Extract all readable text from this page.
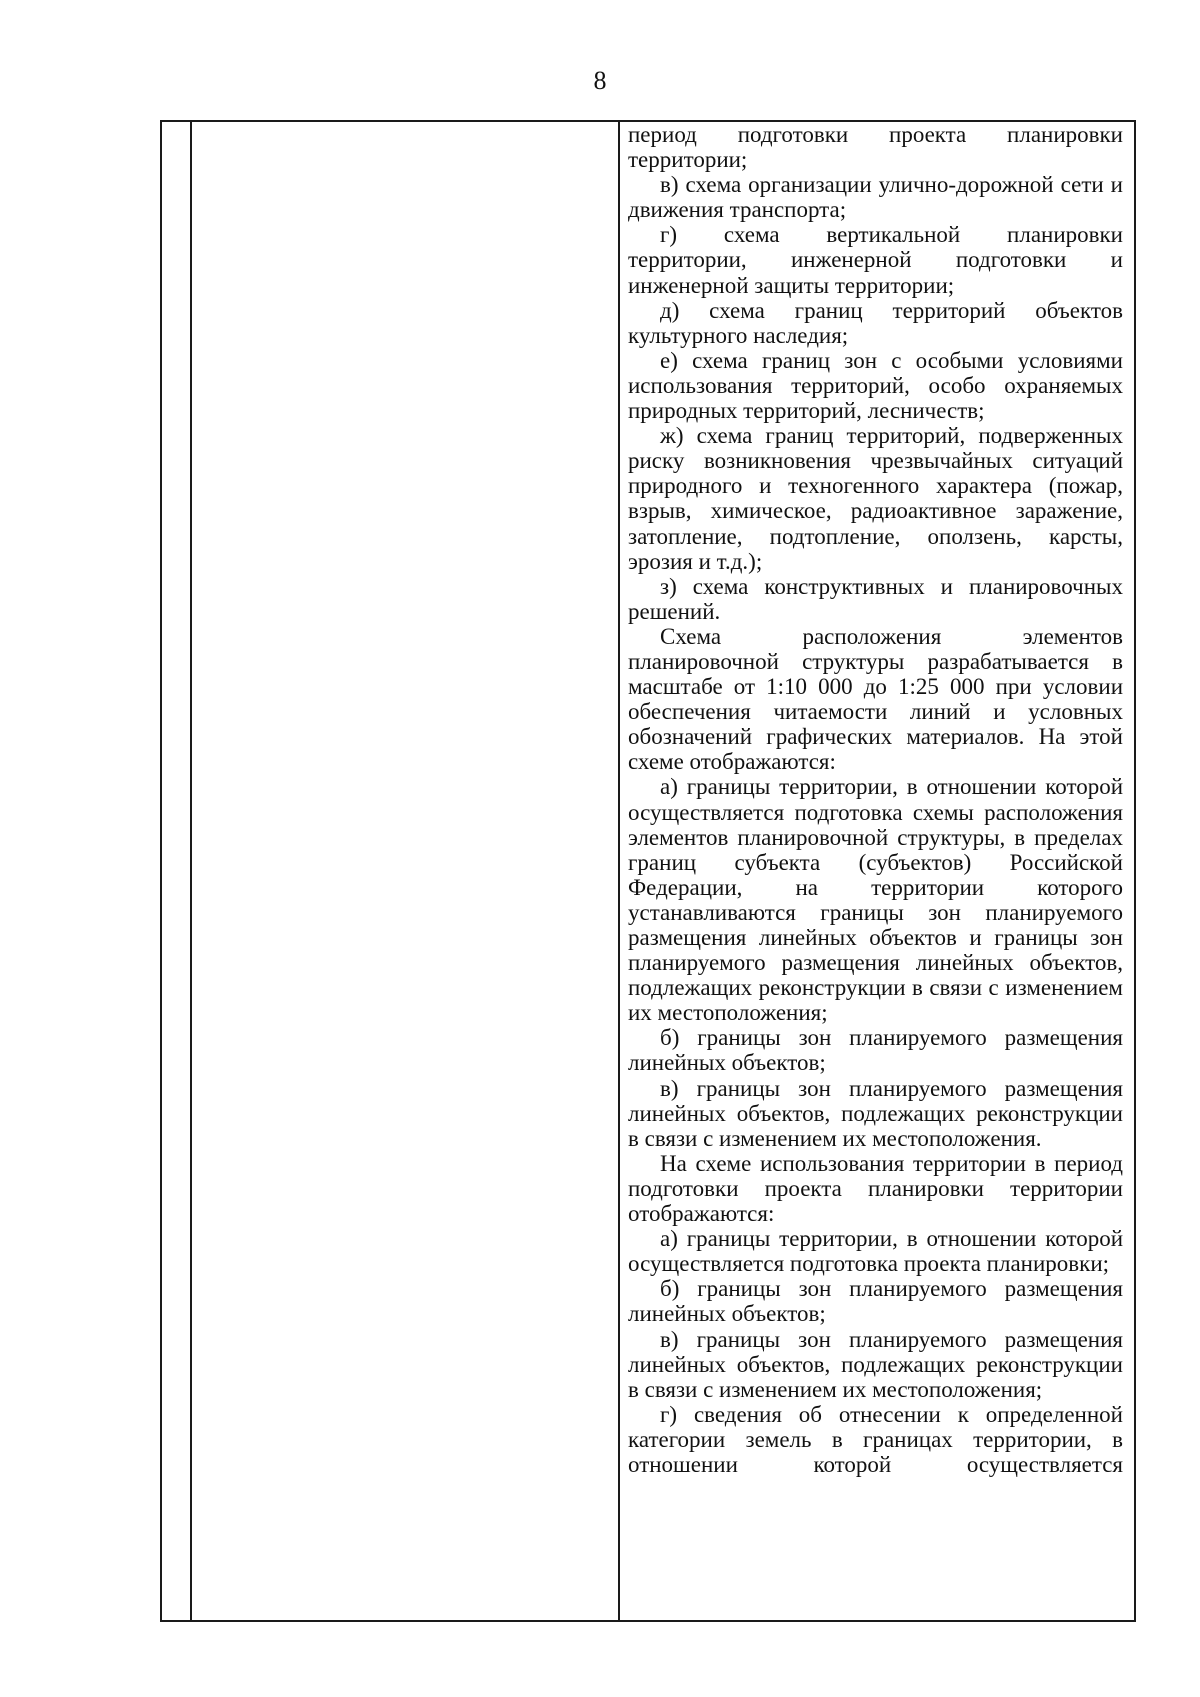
8

период подготовки проекта планировки территории;

в) схема организации улично-дорожной сети и движения транспорта;

г) схема вертикальной планировки территории, инженерной подготовки и инженерной защиты территории;

д) схема границ территорий объектов культурного наследия;

е) схема границ зон с особыми условиями использования территорий, особо охраняемых природных территорий, лесничеств;

ж) схема границ территорий, подверженных риску возникновения чрезвычайных ситуаций природного и техногенного характера (пожар, взрыв, химическое, радиоактивное заражение, затопление, подтопление, оползень, карсты, эрозия и т.д.);

з) схема конструктивных и планировочных решений.

Схема расположения элементов планировочной структуры разрабатывается в масштабе от 1:10 000 до 1:25 000 при условии обеспечения читаемости линий и условных обозначений графических материалов. На этой схеме отображаются:

а) границы территории, в отношении которой осуществляется подготовка схемы расположения элементов планировочной структуры, в пределах границ субъекта (субъектов) Российской Федерации, на территории которого устанавливаются границы зон планируемого размещения линейных объектов и границы зон планируемого размещения линейных объектов, подлежащих реконструкции в связи с изменением их местоположения;

б) границы зон планируемого размещения линейных объектов;

в) границы зон планируемого размещения линейных объектов, подлежащих реконструкции в связи с изменением их местоположения.

На схеме использования территории в период подготовки проекта планировки территории отображаются:

а) границы территории, в отношении которой осуществляется подготовка проекта планировки;

б) границы зон планируемого размещения линейных объектов;

в) границы зон планируемого размещения линейных объектов, подлежащих реконструкции в связи с изменением их местоположения;

г) сведения об отнесении к определенной категории земель в границах территории, в отношении которой осуществляется
